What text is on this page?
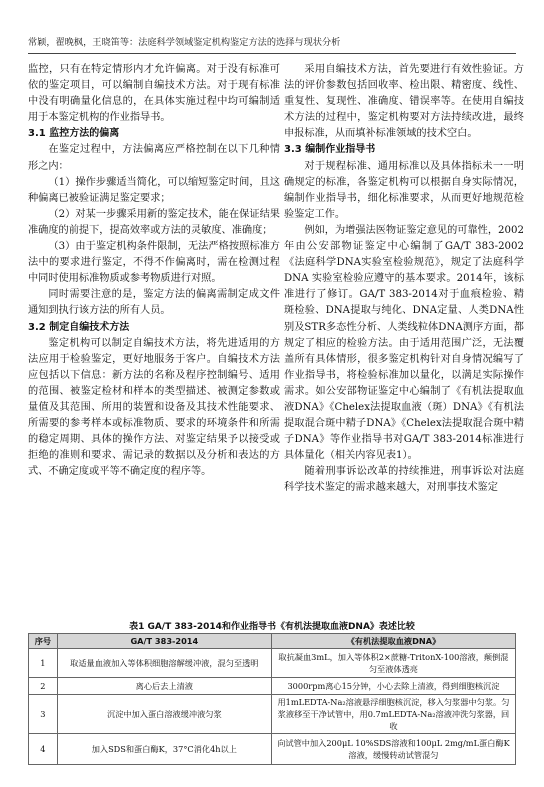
常颖，翟晚枫，王晓笛等：法庭科学领域鉴定机构鉴定方法的选择与现状分析

监控，只有在特定情形内才允许偏离。对于没有标准可依的鉴定项目，可以编制自编技术方法。对于现有标准中没有明确量化信息的，在具体实施过程中均可编制适用于本鉴定机构的作业指导书。

3.1 监控方法的偏离

在鉴定过程中，方法偏离应严格控制在以下几种情形之内：

（1）操作步骤适当简化，可以缩短鉴定时间，且这种偏离已被验证满足鉴定要求；

（2）对某一步骤采用新的鉴定技术，能在保证结果准确度的前提下，提高效率或方法的灵敏度、准确度；

（3）由于鉴定机构条件限制，无法严格按照标准方法中的要求进行鉴定，不得不作偏离时，需在检测过程中同时使用标准物质或参考物质进行对照。

同时需要注意的是，鉴定方法的偏离需制定成文件通知到执行该方法的所有人员。

3.2 制定自编技术方法

鉴定机构可以制定自编技术方法，将先进适用的方法应用于检验鉴定，更好地服务于客户。自编技术方法应包括以下信息：新方法的名称及程序控制编号、适用的范围、被鉴定检材和样本的类型描述、被测定参数或量值及其范围、所用的装置和设备及其技术性能要求、所需要的参考样本或标准物质、要求的环境条件和所需的稳定周期、具体的操作方法、对鉴定结果予以接受或拒绝的准则和要求、需记录的数据以及分析和表达的方式、不确定度或平等不确定度的程序等。

采用自编技术方法，首先要进行有效性验证。方法的评价参数包括回收率、检出限、精密度、线性、重复性、复现性、准确度、错误率等。在使用自编技术方法的过程中，鉴定机构要对方法持续改进，最终申报标准，从而填补标准领域的技术空白。

3.3 编制作业指导书

对于规程标准、通用标准以及具体指标未一一明确规定的标准，各鉴定机构可以根据自身实际情况，编制作业指导书，细化标准要求，从而更好地规范检验鉴定工作。

例如，为增强法医物证鉴定意见的可靠性，2002年由公安部物证鉴定中心编制了GA/T 383-2002《法庭科学DNA实验室检验规范》，规定了法庭科学DNA 实验室检验应遵守的基本要求。2014年，该标准进行了修订。GA/T 383-2014对于血痕检验、精斑检验、DNA提取与纯化、DNA定量、人类DNA性别及STR多态性分析、人类线粒体DNA测序方面，都规定了相应的检验方法。由于适用范围广泛，无法覆盖所有具体情形，很多鉴定机构针对自身情况编写了作业指导书，将检验标准加以量化，以满足实际操作需求。如公安部物证鉴定中心编制了《有机法提取血液DNA》《Chelex法提取血液（斑）DNA》《有机法提取混合斑中精子DNA》《Chelex法提取混合斑中精子DNA》等作业指导书对GA/T 383-2014标准进行具体量化（相关内容见表1）。

随着刑事诉讼改革的持续推进，刑事诉讼对法庭科学技术鉴定的需求越来越大，对刑事技术鉴定

表1 GA/T 383-2014和作业指导书《有机法提取血液DNA》表述比较
序号	GA/T 383-2014	《有机法提取血液DNA》
1	取适量血液加入等体积细胞溶解缓冲液，混匀至透明	取抗凝血3mL，加入等体积2×蔗糖-TritonX-100溶液，颠倒混匀至液体透亮
2	离心后去上清液	3000rpm离心15分钟，小心去除上清液，得到细胞核沉淀
3	沉淀中加入蛋白溶液缓冲液匀浆	用1mLEDTA-Na₂溶液悬浮细胞核沉淀，移入匀浆器中匀浆。匀浆液移至干净试管中，用0.7mLEDTA-Na₂溶液冲洗匀浆器，回收
4	加入SDS和蛋白酶K，37°C消化4h以上	向试管中加入200μL 10%SDS溶液和100μL 2mg/mL蛋白酶K溶液，缓慢转动试管混匀
